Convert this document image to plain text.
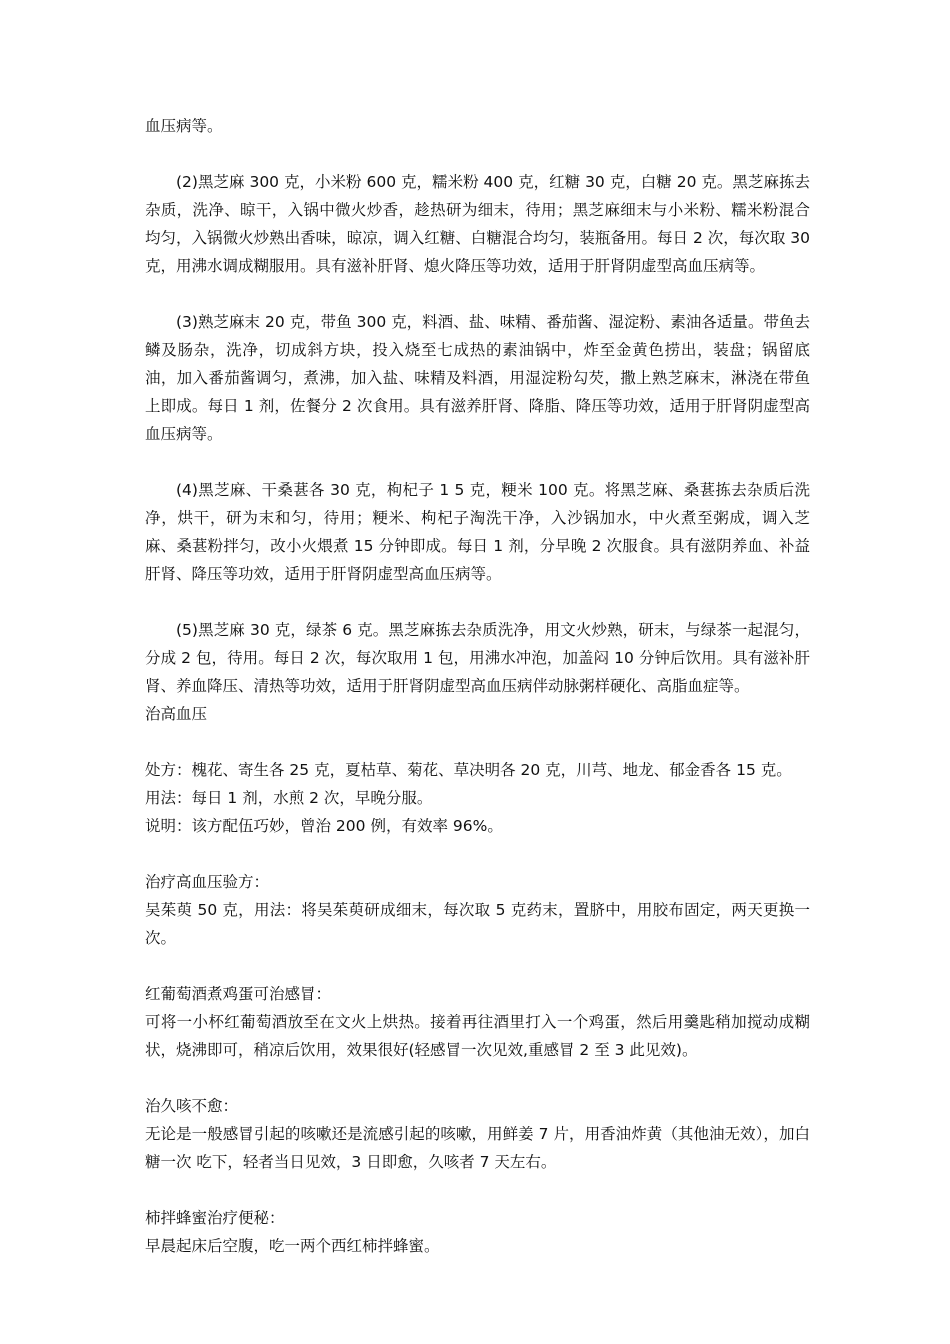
血压病等。

(2)黑芝麻 300 克，小米粉 600 克，糯米粉 400 克，红糖 30 克，白糖 20 克。黑芝麻拣去杂质，洗净、晾干，入锅中微火炒香，趁热研为细末，待用；黑芝麻细末与小米粉、糯米粉混合均匀，入锅微火炒熟出香味，晾凉，调入红糖、白糖混合均匀，装瓶备用。每日 2 次，每次取 30 克，用沸水调成糊服用。具有滋补肝肾、熄火降压等功效，适用于肝肾阴虚型高血压病等。

(3)熟芝麻末 20 克，带鱼 300 克，料酒、盐、味精、番茄酱、湿淀粉、素油各适量。带鱼去鳞及肠杂，洗净，切成斜方块，投入烧至七成热的素油锅中，炸至金黄色捞出，装盘；锅留底油，加入番茄酱调匀，煮沸，加入盐、味精及料酒，用湿淀粉勾芡，撒上熟芝麻末，淋浇在带鱼上即成。每日 1 剂，佐餐分 2 次食用。具有滋养肝肾、降脂、降压等功效，适用于肝肾阴虚型高血压病等。

(4)黑芝麻、干桑葚各 30 克，枸杞子 1 5 克，粳米 100 克。将黑芝麻、桑葚拣去杂质后洗净，烘干，研为末和匀，待用；粳米、枸杞子淘洗干净，入沙锅加水，中火煮至粥成，调入芝麻、桑葚粉拌匀，改小火煨煮 15 分钟即成。每日 1 剂，分早晚 2 次服食。具有滋阴养血、补益肝肾、降压等功效，适用于肝肾阴虚型高血压病等。

(5)黑芝麻 30 克，绿茶 6 克。黑芝麻拣去杂质洗净，用文火炒熟，研末，与绿茶一起混匀，分成 2 包，待用。每日 2 次，每次取用 1 包，用沸水冲泡，加盖闷 10 分钟后饮用。具有滋补肝肾、养血降压、清热等功效，适用于肝肾阴虚型高血压病伴动脉粥样硬化、高脂血症等。

治高血压

处方：槐花、寄生各 25 克，夏枯草、菊花、草决明各 20 克，川芎、地龙、郁金香各 15 克。

用法：每日 1 剂，水煎 2 次，早晚分服。

说明：该方配伍巧妙，曾治 200 例，有效率 96%。

治疗高血压验方：

吴茱萸 50 克，用法：将吴茱萸研成细末，每次取 5 克药末，置脐中，用胶布固定，两天更换一次。

红葡萄酒煮鸡蛋可治感冒：

可将一小杯红葡萄酒放至在文火上烘热。接着再往酒里打入一个鸡蛋，然后用羹匙稍加搅动成糊状，烧沸即可，稍凉后饮用，效果很好(轻感冒一次见效,重感冒 2 至 3 此见效)。

治久咳不愈：

无论是一般感冒引起的咳嗽还是流感引起的咳嗽，用鲜姜 7 片，用香油炸黄（其他油无效），加白糖一次 吃下，轻者当日见效，3 日即愈，久咳者 7 天左右。

柿拌蜂蜜治疗便秘：

早晨起床后空腹，吃一两个西红柿拌蜂蜜。
